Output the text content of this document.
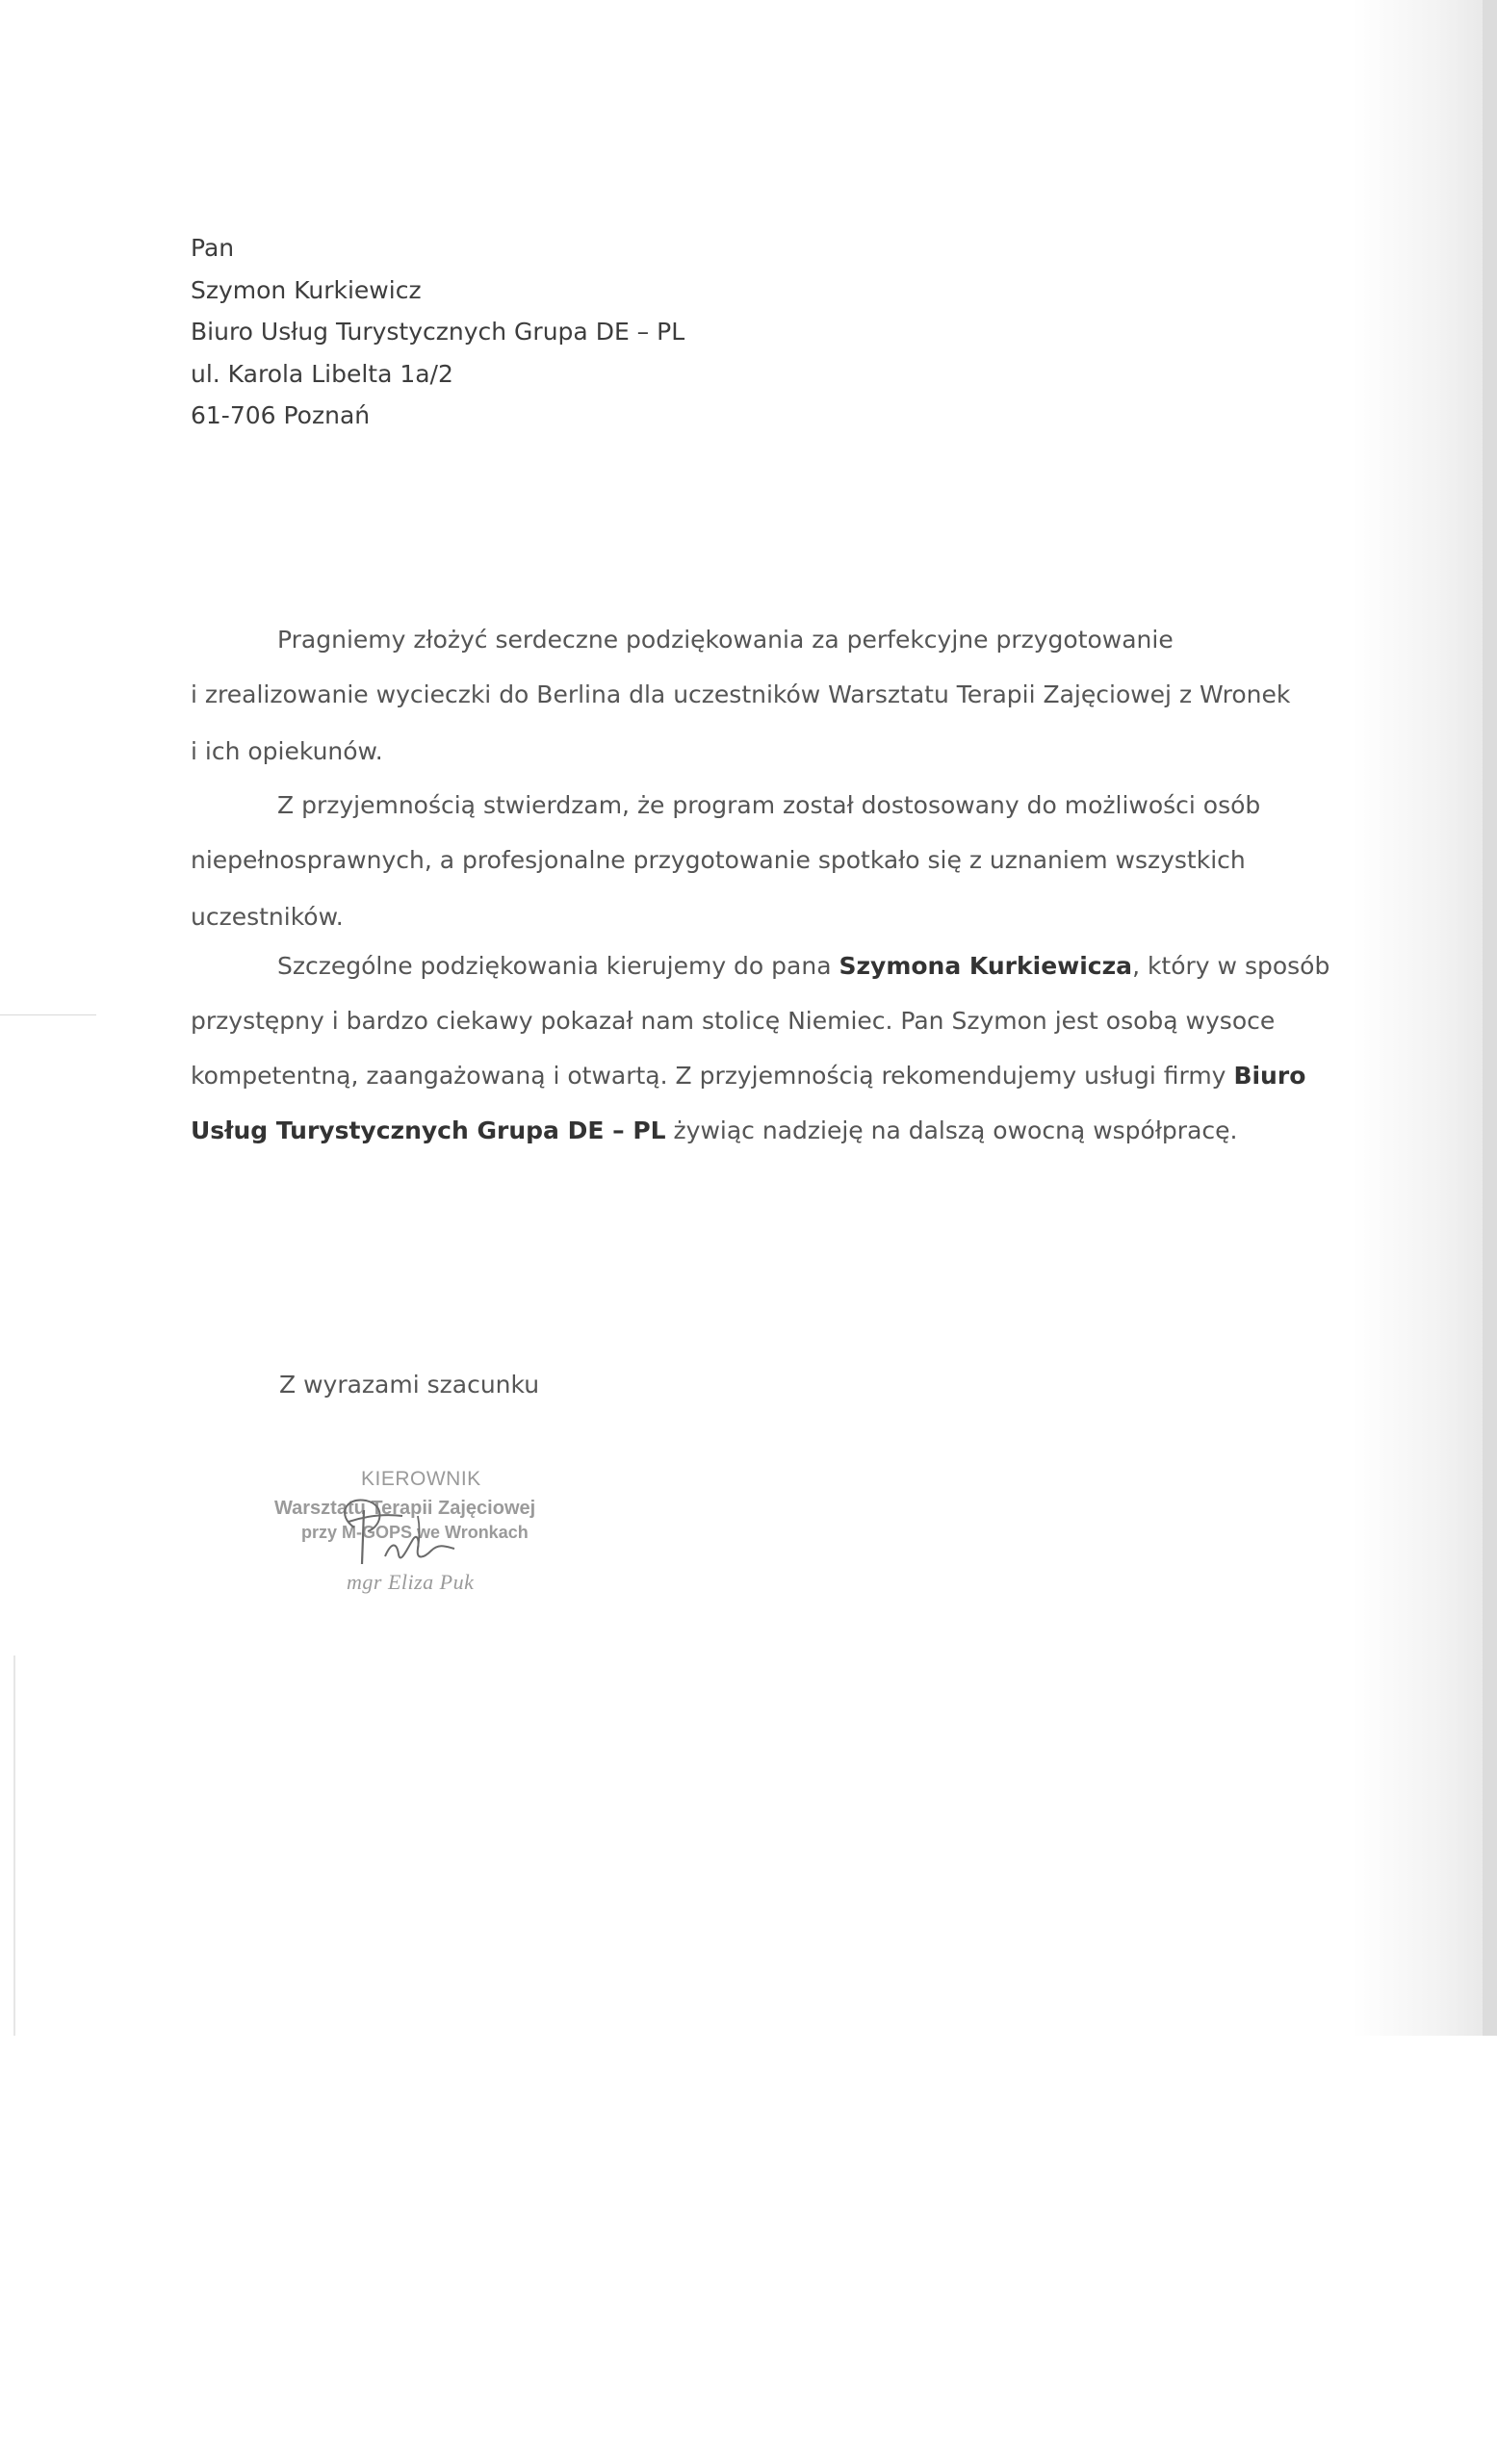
Pan
Szymon Kurkiewicz
Biuro Usług Turystycznych Grupa DE – PL
ul. Karola Libelta 1a/2
61-706 Poznań
Pragniemy złożyć serdeczne podziękowania za perfekcyjne przygotowanie
i zrealizowanie wycieczki do Berlina dla uczestników Warsztatu Terapii Zajęciowej z Wronek
i ich opiekunów.
Z przyjemnością stwierdzam, że program został dostosowany do możliwości osób
niepełnosprawnych, a profesjonalne przygotowanie spotkało się z uznaniem wszystkich
uczestników.
Szczególne podziękowania kierujemy do pana Szymona Kurkiewicza, który w sposób
przystępny i bardzo ciekawy pokazał nam stolicę Niemiec. Pan Szymon jest osobą wysoce
kompetentną, zaangażowaną i otwartą. Z przyjemnością rekomendujemy usługi firmy Biuro
Usług Turystycznych Grupa DE – PL żywiąc nadzieję na dalszą owocną współpracę.
Z wyrazami szacunku
KIEROWNIK
Warsztatu Terapii Zajęciowej
przy M-GOPS we Wronkach
mgr Eliza Puk
